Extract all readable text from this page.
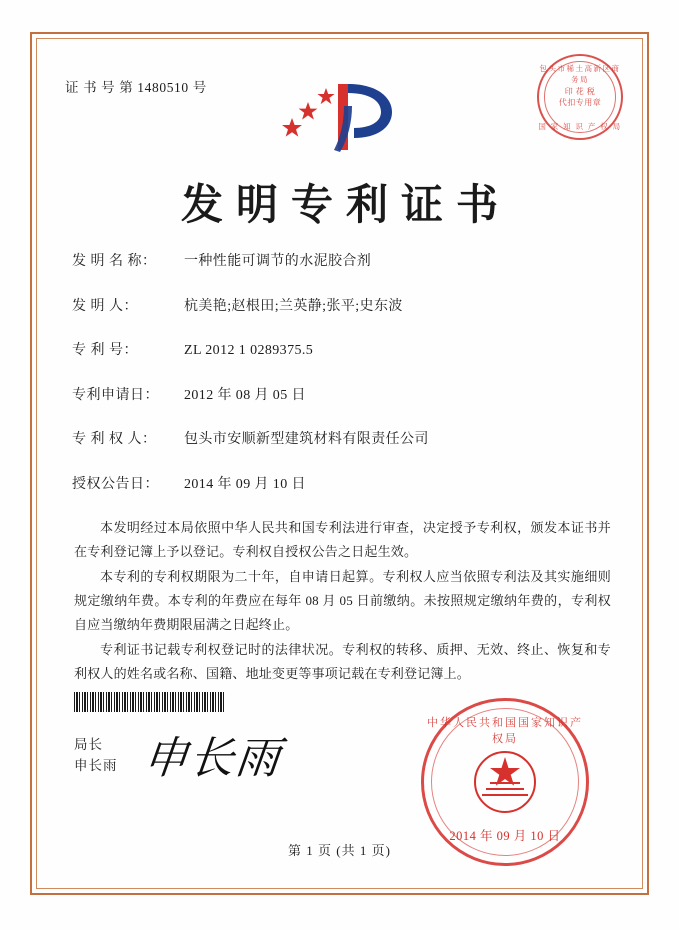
证 书 号 第 1480510 号
包头市稀土高新区商务局
印 花 税
代扣专用章
国 家 知 识 产 权 局
发明专利证书
发 明 名 称：	一种性能可调节的水泥胶合剂
发 明 人：	杭美艳;赵根田;兰英静;张平;史东波
专 利 号：	ZL 2012 1 0289375.5
专利申请日：	2012 年 08 月 05 日
专 利 权 人：	包头市安顺新型建筑材料有限责任公司
授权公告日：	2014 年 09 月 10 日

本发明经过本局依照中华人民共和国专利法进行审查，决定授予专利权，颁发本证书并在专利登记簿上予以登记。专利权自授权公告之日起生效。

本专利的专利权期限为二十年，自申请日起算。专利权人应当依照专利法及其实施细则规定缴纳年费。本专利的年费应在每年 08 月 05 日前缴纳。未按照规定缴纳年费的，专利权自应当缴纳年费期限届满之日起终止。

专利证书记载专利权登记时的法律状况。专利权的转移、质押、无效、终止、恢复和专利权人的姓名或名称、国籍、地址变更等事项记载在专利登记簿上。

局长
申长雨 申长雨
中华人民共和国国家知识产权局
2014 年 09 月 10 日
第 1 页 (共 1 页)
